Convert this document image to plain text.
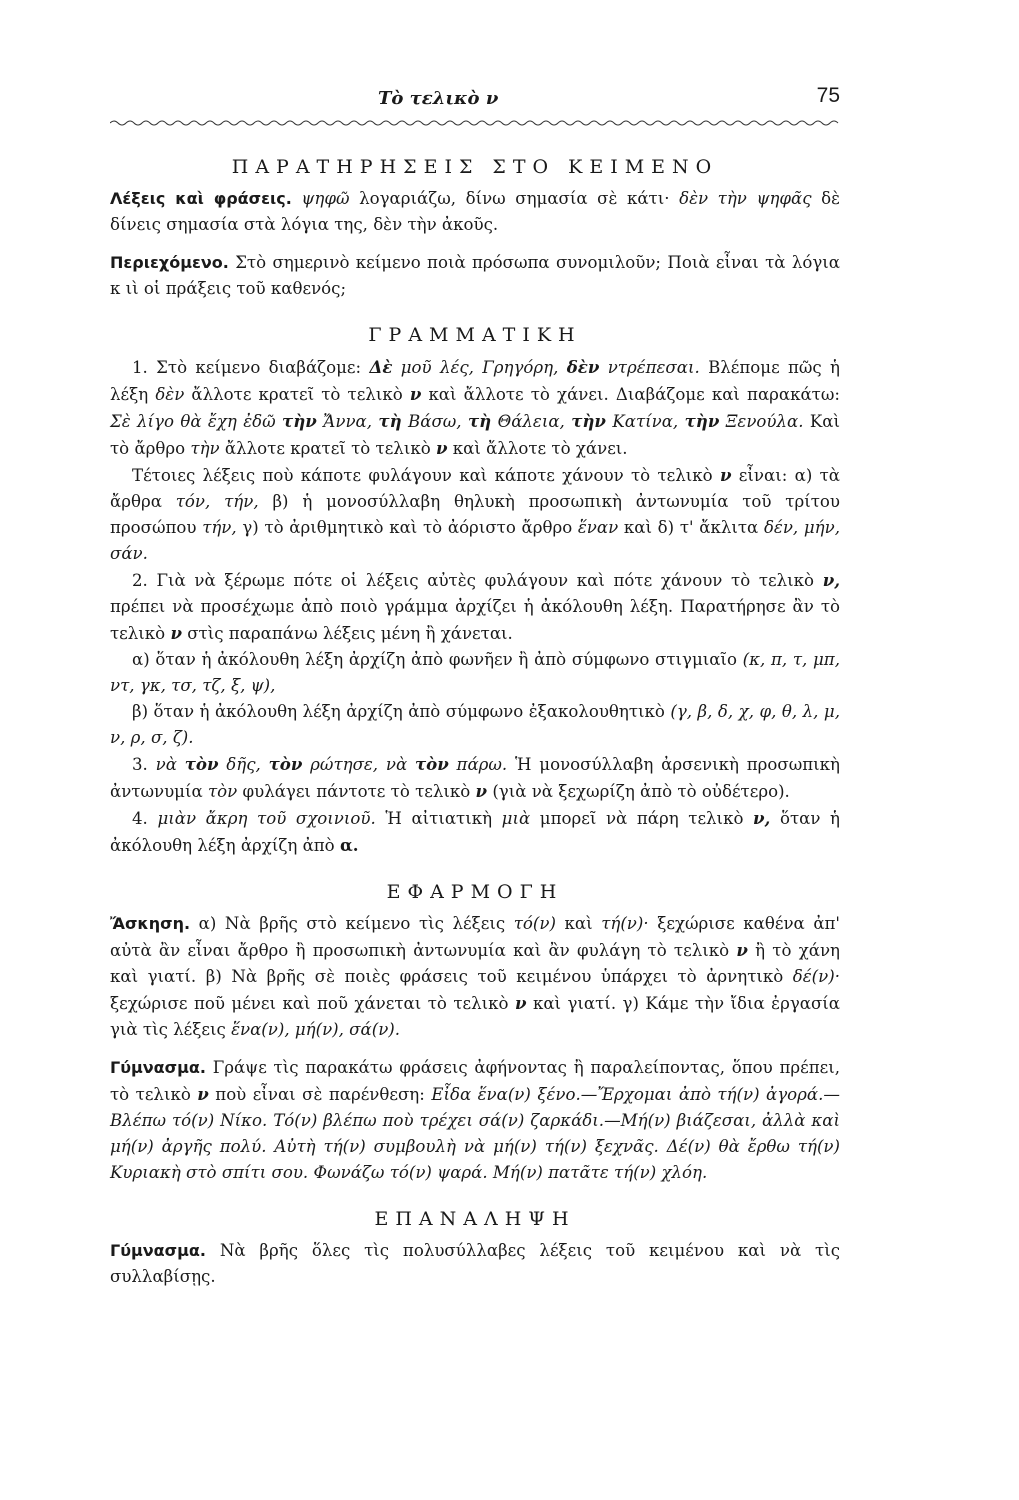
Τὸ τελικὸ ν	75
ΠΑΡΑΤΗΡΗΣΕΙΣ ΣΤΟ ΚΕΙΜΕΝΟ

Λέξεις καὶ φράσεις. ψηφῶ λογαριάζω, δίνω σημασία σὲ κάτι· δὲν τὴν ψηφᾶς δὲ δίνεις σημασία στὰ λόγια της, δὲν τὴν ἀκοῦς.

Περιεχόμενο. Στὸ σημερινὸ κείμενο ποιὰ πρόσωπα συνομιλοῦν; Ποιὰ εἶναι τὰ λόγια κ ιὶ οἱ πράξεις τοῦ καθενός;

ΓΡΑΜΜΑΤΙΚΗ

1. Στὸ κείμενο διαβάζομε: Δὲ μοῦ λές, Γρηγόρη, δὲν ντρέπεσαι. Βλέπομε πῶς ἡ λέξη δὲν ἄλλοτε κρατεῖ τὸ τελικὸ ν καὶ ἄλλοτε τὸ χάνει. Διαβάζομε καὶ παρακάτω: Σὲ λίγο θὰ ἔχη ἐδῶ τὴν Ἄννα, τὴ Βάσω, τὴ Θάλεια, τὴν Κατίνα, τὴν Ξενούλα. Καὶ τὸ ἄρθρο τὴν ἄλλοτε κρατεῖ τὸ τελικὸ ν καὶ ἄλλοτε τὸ χάνει.

Τέτοιες λέξεις ποὺ κάποτε φυλάγουν καὶ κάποτε χάνουν τὸ τελικὸ ν εἶναι: α) τὰ ἄρθρα τόν, τήν, β) ἡ μονοσύλλαβη θηλυκὴ προσωπικὴ ἀντωνυμία τοῦ τρίτου προσώπου τήν, γ) τὸ ἀριθμητικὸ καὶ τὸ ἀόριστο ἄρθρο ἕναν καὶ δ) τ' ἄκλιτα δέν, μήν, σάν.

2. Γιὰ νὰ ξέρωμε πότε οἱ λέξεις αὐτὲς φυλάγουν καὶ πότε χάνουν τὸ τελικὸ ν, πρέπει νὰ προσέχωμε ἀπὸ ποιὸ γράμμα ἀρχίζει ἡ ἀκόλουθη λέξη. Παρατήρησε ἂν τὸ τελικὸ ν στὶς παραπάνω λέξεις μένη ἢ χάνεται.

α) ὅταν ἡ ἀκόλουθη λέξη ἀρχίζη ἀπὸ φωνῆεν ἢ ἀπὸ σύμφωνο στιγμιαῖο (κ, π, τ, μπ, ντ, γκ, τσ, τζ, ξ, ψ),

β) ὅταν ἡ ἀκόλουθη λέξη ἀρχίζη ἀπὸ σύμφωνο ἐξακολουθητικὸ (γ, β, δ, χ, φ, θ, λ, μ, ν, ρ, σ, ζ).

3. νὰ τὸν δῆς, τὸν ρώτησε, νὰ τὸν πάρω. Ἡ μονοσύλλαβη ἀρσενικὴ προσωπικὴ ἀντωνυμία τὸν φυλάγει πάντοτε τὸ τελικὸ ν (γιὰ νὰ ξεχωρίζη ἀπὸ τὸ οὐδέτερο).

4. μιὰν ἄκρη τοῦ σχοινιοῦ. Ἡ αἰτιατικὴ μιὰ μπορεῖ νὰ πάρη τελικὸ ν, ὅταν ἡ ἀκόλουθη λέξη ἀρχίζη ἀπὸ α.

ΕΦΑΡΜΟΓΗ

Ἄσκηση. α) Νὰ βρῆς στὸ κείμενο τὶς λέξεις τό(ν) καὶ τή(ν)· ξεχώρισε καθένα ἀπ' αὐτὰ ἂν εἶναι ἄρθρο ἢ προσωπικὴ ἀντωνυμία καὶ ἂν φυλάγη τὸ τελικὸ ν ἢ τὸ χάνη καὶ γιατί. β) Νὰ βρῆς σὲ ποιὲς φράσεις τοῦ κειμένου ὑπάρχει τὸ ἀρνητικὸ δέ(ν)· ξεχώρισε ποῦ μένει καὶ ποῦ χάνεται τὸ τελικὸ ν καὶ γιατί. γ) Κάμε τὴν ἴδια ἐργασία γιὰ τὶς λέξεις ἕνα(ν), μή(ν), σά(ν).

Γύμνασμα. Γράψε τὶς παρακάτω φράσεις ἀφήνοντας ἢ παραλείποντας, ὅπου πρέπει, τὸ τελικὸ ν ποὺ εἶναι σὲ παρένθεση: Εἶδα ἕνα(ν) ξένο.—Ἔρχομαι ἀπὸ τή(ν) ἀγορά.—Βλέπω τό(ν) Νίκο. Τό(ν) βλέπω ποὺ τρέχει σά(ν) ζαρκάδι.—Μή(ν) βιάζεσαι, ἀλλὰ καὶ μή(ν) ἀργῆς πολύ. Αὐτὴ τή(ν) συμβουλὴ νὰ μή(ν) τή(ν) ξεχνᾶς. Δέ(ν) θὰ ἔρθω τή(ν) Κυριακὴ στὸ σπίτι σου. Φωνάζω τό(ν) ψαρά. Μή(ν) πατᾶτε τή(ν) χλόη.

ΕΠΑΝΑΛΗΨΗ

Γύμνασμα. Νὰ βρῆς ὅλες τὶς πολυσύλλαβες λέξεις τοῦ κειμένου καὶ νὰ τὶς συλλαβίσῃς.
